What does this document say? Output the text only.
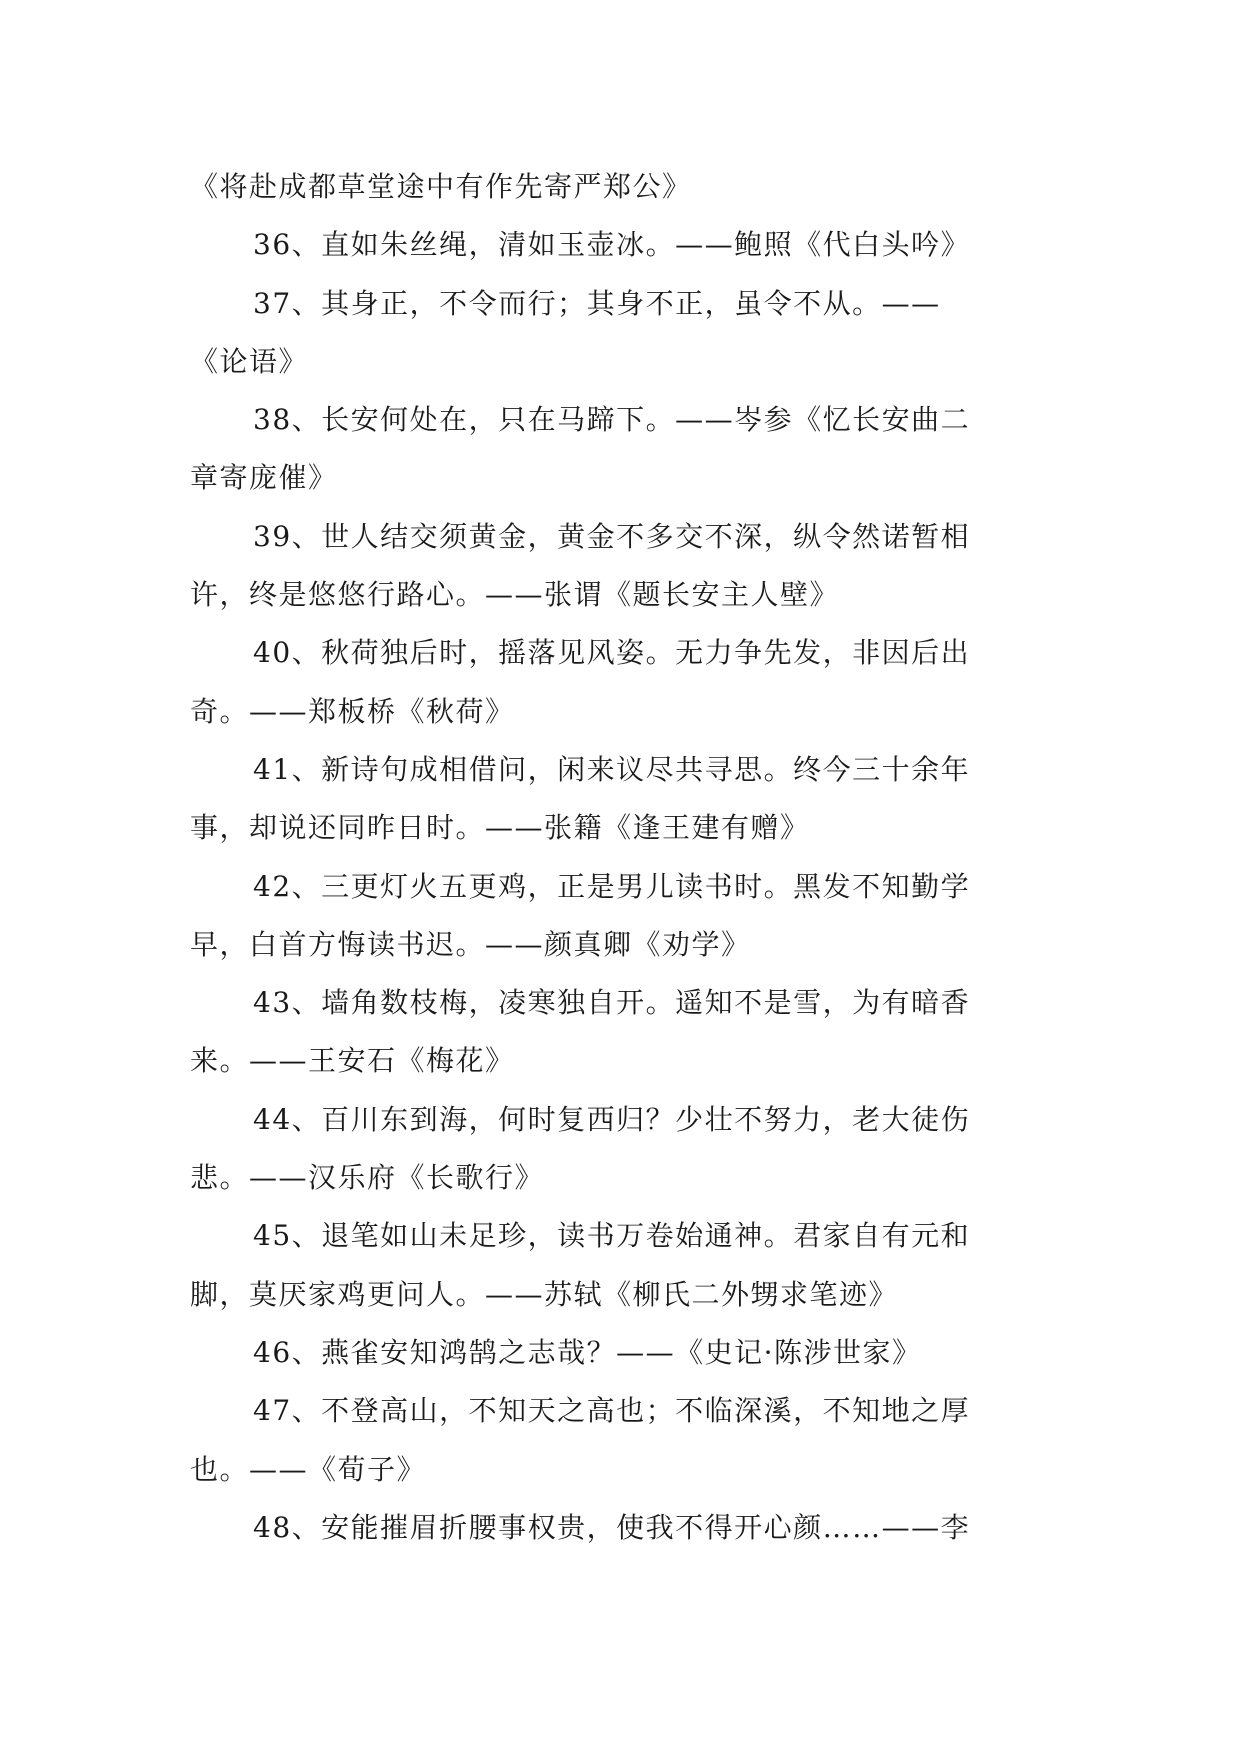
《将赴成都草堂途中有作先寄严郑公》
36、直如朱丝绳，清如玉壶冰。——鲍照《代白头吟》
37、其身正，不令而行；其身不正，虽令不从。——
《论语》
38、长安何处在，只在马蹄下。——岑参《忆长安曲二
章寄庞催》
39、世人结交须黄金，黄金不多交不深，纵令然诺暂相
许，终是悠悠行路心。——张谓《题长安主人壁》
40、秋荷独后时，摇落见风姿。无力争先发，非因后出
奇。——郑板桥《秋荷》
41、新诗句成相借问，闲来议尽共寻思。终今三十余年
事，却说还同昨日时。——张籍《逢王建有赠》
42、三更灯火五更鸡，正是男儿读书时。黑发不知勤学
早，白首方悔读书迟。——颜真卿《劝学》
43、墙角数枝梅，凌寒独自开。遥知不是雪，为有暗香
来。——王安石《梅花》
44、百川东到海，何时复西归？少壮不努力，老大徒伤
悲。——汉乐府《长歌行》
45、退笔如山未足珍，读书万卷始通神。君家自有元和
脚，莫厌家鸡更问人。——苏轼《柳氏二外甥求笔迹》
46、燕雀安知鸿鹄之志哉？——《史记·陈涉世家》
47、不登高山，不知天之高也；不临深溪，不知地之厚
也。——《荀子》
48、安能摧眉折腰事权贵，使我不得开心颜……——李
